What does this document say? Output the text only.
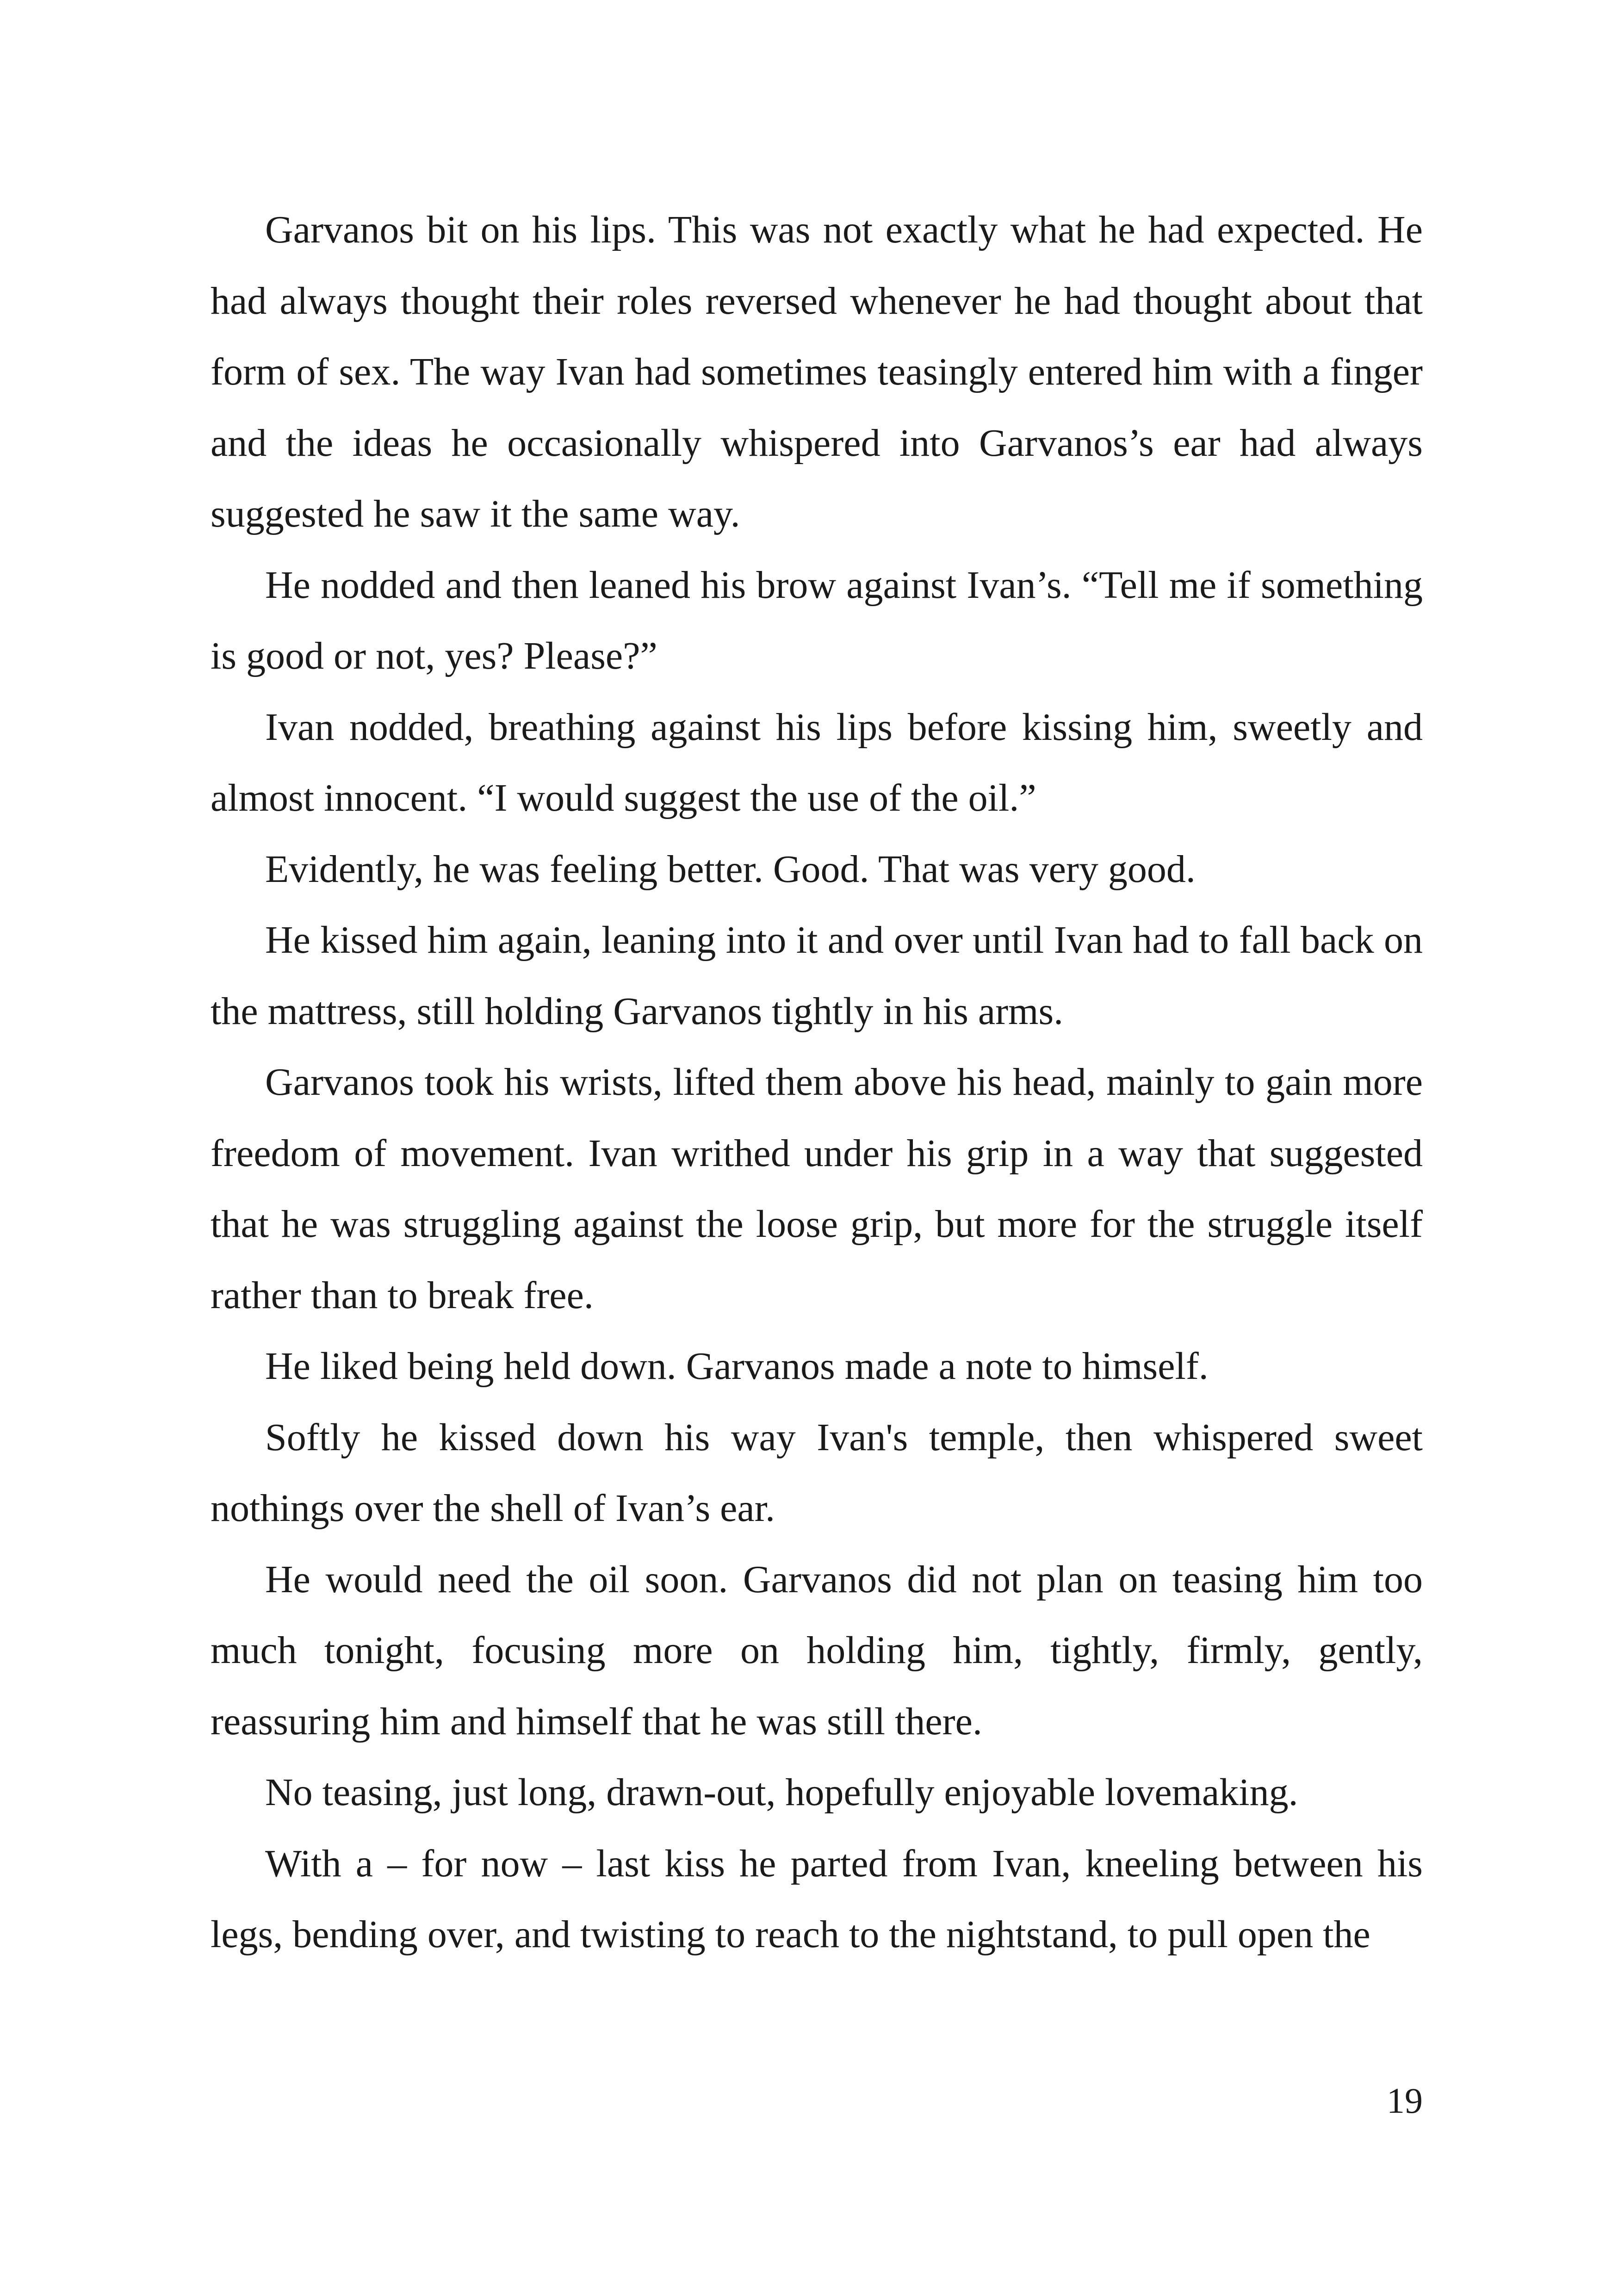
Garvanos bit on his lips. This was not exactly what he had expected. He had always thought their roles reversed whenever he had thought about that form of sex. The way Ivan had sometimes teasingly entered him with a finger and the ideas he occasionally whispered into Garvanos’s ear had always suggested he saw it the same way.

He nodded and then leaned his brow against Ivan’s. “Tell me if something is good or not, yes? Please?”

Ivan nodded, breathing against his lips before kissing him, sweetly and almost innocent. “I would suggest the use of the oil.”

Evidently, he was feeling better. Good. That was very good.

He kissed him again, leaning into it and over until Ivan had to fall back on the mattress, still holding Garvanos tightly in his arms.

Garvanos took his wrists, lifted them above his head, mainly to gain more freedom of movement. Ivan writhed under his grip in a way that suggested that he was struggling against the loose grip, but more for the struggle itself rather than to break free.

He liked being held down. Garvanos made a note to himself.

Softly he kissed down his way Ivan's temple, then whispered sweet nothings over the shell of Ivan’s ear.

He would need the oil soon. Garvanos did not plan on teasing him too much tonight, focusing more on holding him, tightly, firmly, gently, reassuring him and himself that he was still there.

No teasing, just long, drawn-out, hopefully enjoyable lovemaking.

With a – for now – last kiss he parted from Ivan, kneeling between his legs, bending over, and twisting to reach to the nightstand, to pull open the

19
